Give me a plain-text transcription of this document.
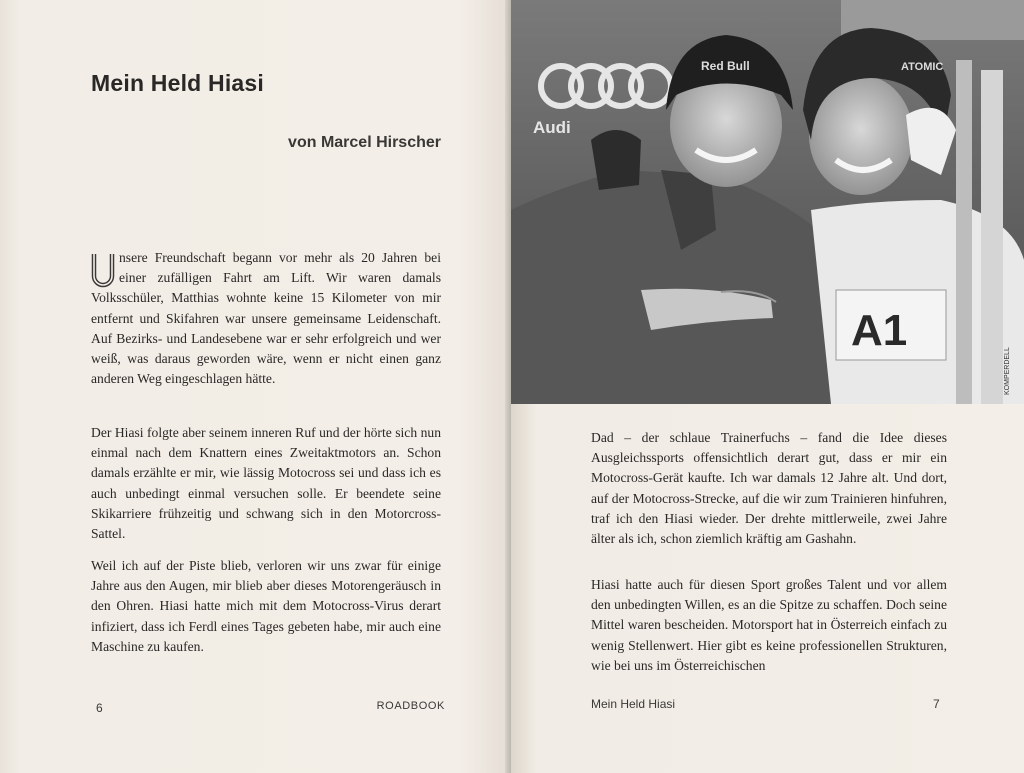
Mein Held Hiasi
von Marcel Hirscher

nsere Freundschaft begann vor mehr als 20 Jahren bei einer zufälligen Fahrt am Lift. Wir waren damals Volksschüler, Matthias wohnte keine 15 Kilometer von mir entfernt und Skifahren war unsere gemeinsame Leidenschaft. Auf Bezirks- und Landesebene war er sehr erfolgreich und wer weiß, was daraus geworden wäre, wenn er nicht einen ganz anderen Weg eingeschlagen hätte.

Der Hiasi folgte aber seinem inneren Ruf und der hörte sich nun einmal nach dem Knattern eines Zweitaktmotors an. Schon damals erzählte er mir, wie lässig Motocross sei und dass ich es auch unbedingt einmal versuchen solle. Er beendete seine Skikarriere frühzeitig und schwang sich in den Motorcross-Sattel.

Weil ich auf der Piste blieb, verloren wir uns zwar für einige Jahre aus den Augen, mir blieb aber dieses Motorengeräusch in den Ohren. Hiasi hatte mich mit dem Motocross-Virus derart infiziert, dass ich Ferdl eines Tages gebeten habe, mir auch eine Maschine zu kaufen.

6	ROADBOOK

Audi
Red Bull
A1
ATOMIC
KOMPERDELL

Dad – der schlaue Trainerfuchs – fand die Idee dieses Ausgleichssports offensichtlich derart gut, dass er mir ein Motocross-Gerät kaufte. Ich war damals 12 Jahre alt. Und dort, auf der Motocross-Strecke, auf die wir zum Trainieren hinfuhren, traf ich den Hiasi wieder. Der drehte mittlerweile, zwei Jahre älter als ich, schon ziemlich kräftig am Gashahn.

Hiasi hatte auch für diesen Sport großes Talent und vor allem den unbedingten Willen, es an die Spitze zu schaffen. Doch seine Mittel waren bescheiden. Motorsport hat in Österreich einfach zu wenig Stellenwert. Hier gibt es keine professionellen Strukturen, wie bei uns im Österreichischen

Mein Held Hiasi	7
